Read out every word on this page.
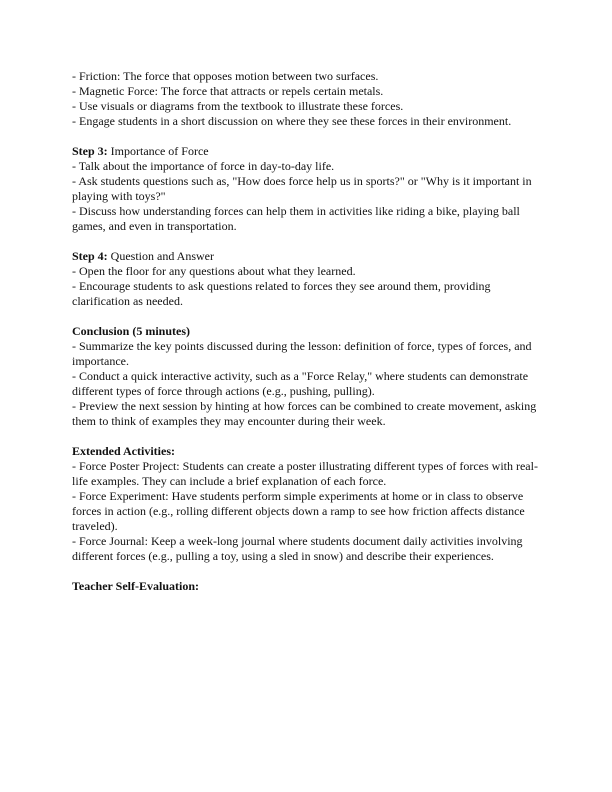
- Friction: The force that opposes motion between two surfaces.

- Magnetic Force: The force that attracts or repels certain metals.

- Use visuals or diagrams from the textbook to illustrate these forces.

- Engage students in a short discussion on where they see these forces in their environment.

Step 3: Importance of Force

- Talk about the importance of force in day-to-day life.

- Ask students questions such as, "How does force help us in sports?" or "Why is it important in playing with toys?"

- Discuss how understanding forces can help them in activities like riding a bike, playing ball games, and even in transportation.

Step 4: Question and Answer

- Open the floor for any questions about what they learned.

- Encourage students to ask questions related to forces they see around them, providing clarification as needed.

Conclusion (5 minutes)

- Summarize the key points discussed during the lesson: definition of force, types of forces, and importance.

- Conduct a quick interactive activity, such as a "Force Relay," where students can demonstrate different types of force through actions (e.g., pushing, pulling).

- Preview the next session by hinting at how forces can be combined to create movement, asking them to think of examples they may encounter during their week.

Extended Activities:

- Force Poster Project: Students can create a poster illustrating different types of forces with real-life examples. They can include a brief explanation of each force.

- Force Experiment: Have students perform simple experiments at home or in class to observe forces in action (e.g., rolling different objects down a ramp to see how friction affects distance traveled).

- Force Journal: Keep a week-long journal where students document daily activities involving different forces (e.g., pulling a toy, using a sled in snow) and describe their experiences.

Teacher Self-Evaluation:
